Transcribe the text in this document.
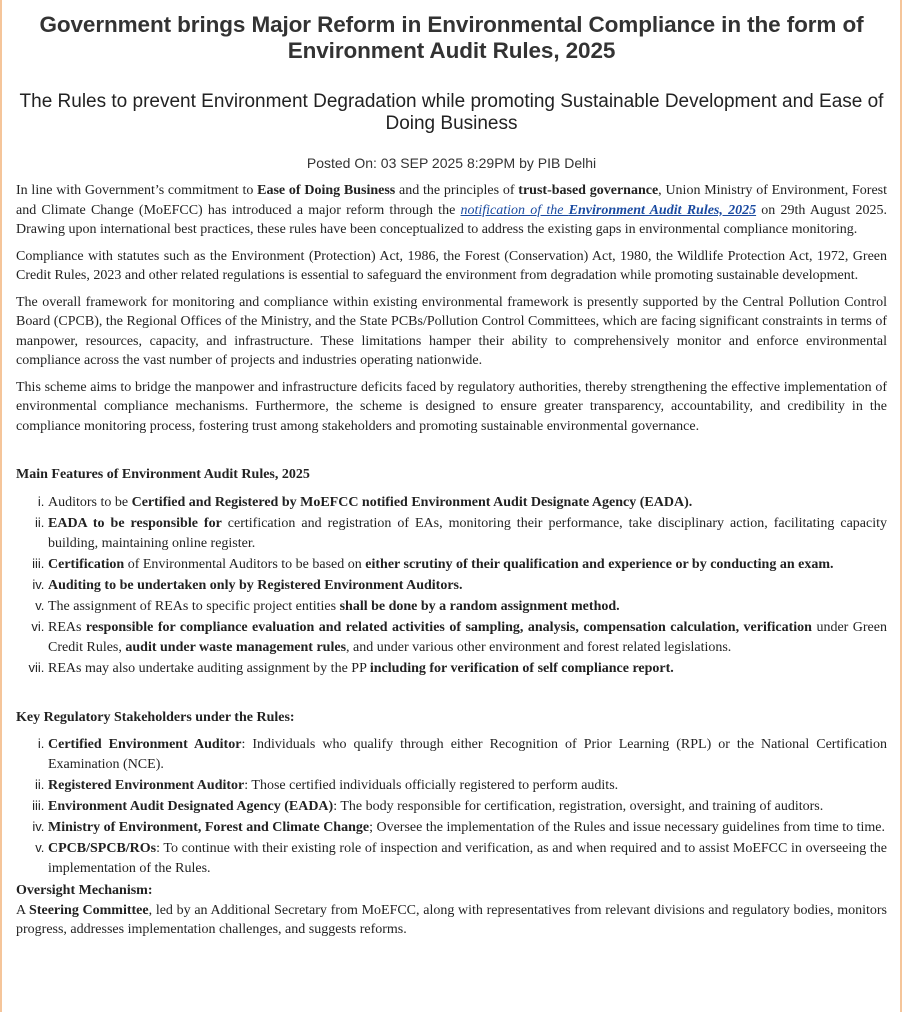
Government brings Major Reform in Environmental Compliance in the form of Environment Audit Rules, 2025
The Rules to prevent Environment Degradation while promoting Sustainable Development and Ease of Doing Business
Posted On: 03 SEP 2025 8:29PM by PIB Delhi

In line with Government’s commitment to Ease of Doing Business and the principles of trust-based governance, Union Ministry of Environment, Forest and Climate Change (MoEFCC) has introduced a major reform through the notification of the Environment Audit Rules, 2025 on 29th August 2025. Drawing upon international best practices, these rules have been conceptualized to address the existing gaps in environmental compliance monitoring.

Compliance with statutes such as the Environment (Protection) Act, 1986, the Forest (Conservation) Act, 1980, the Wildlife Protection Act, 1972, Green Credit Rules, 2023 and other related regulations is essential to safeguard the environment from degradation while promoting sustainable development.

The overall framework for monitoring and compliance within existing environmental framework is presently supported by the Central Pollution Control Board (CPCB), the Regional Offices of the Ministry, and the State PCBs/Pollution Control Committees, which are facing significant constraints in terms of manpower, resources, capacity, and infrastructure. These limitations hamper their ability to comprehensively monitor and enforce environmental compliance across the vast number of projects and industries operating nationwide.

This scheme aims to bridge the manpower and infrastructure deficits faced by regulatory authorities, thereby strengthening the effective implementation of environmental compliance mechanisms. Furthermore, the scheme is designed to ensure greater transparency, accountability, and credibility in the compliance monitoring process, fostering trust among stakeholders and promoting sustainable environmental governance.

Main Features of Environment Audit Rules, 2025
i. Auditors to be Certified and Registered by MoEFCC notified Environment Audit Designate Agency (EADA).
ii. EADA to be responsible for certification and registration of EAs, monitoring their performance, take disciplinary action, facilitating capacity building, maintaining online register.
iii. Certification of Environmental Auditors to be based on either scrutiny of their qualification and experience or by conducting an exam.
iv. Auditing to be undertaken only by Registered Environment Auditors.
v. The assignment of REAs to specific project entities shall be done by a random assignment method.
vi. REAs responsible for compliance evaluation and related activities of sampling, analysis, compensation calculation, verification under Green Credit Rules, audit under waste management rules, and under various other environment and forest related legislations.
vii. REAs may also undertake auditing assignment by the PP including for verification of self compliance report.
Key Regulatory Stakeholders under the Rules:
i. Certified Environment Auditor: Individuals who qualify through either Recognition of Prior Learning (RPL) or the National Certification Examination (NCE).
ii. Registered Environment Auditor: Those certified individuals officially registered to perform audits.
iii. Environment Audit Designated Agency (EADA): The body responsible for certification, registration, oversight, and training of auditors.
iv. Ministry of Environment, Forest and Climate Change; Oversee the implementation of the Rules and issue necessary guidelines from time to time.
v. CPCB/SPCB/ROs: To continue with their existing role of inspection and verification, as and when required and to assist MoEFCC in overseeing the implementation of the Rules.
Oversight Mechanism:

A Steering Committee, led by an Additional Secretary from MoEFCC, along with representatives from relevant divisions and regulatory bodies, monitors progress, addresses implementation challenges, and suggests reforms.
